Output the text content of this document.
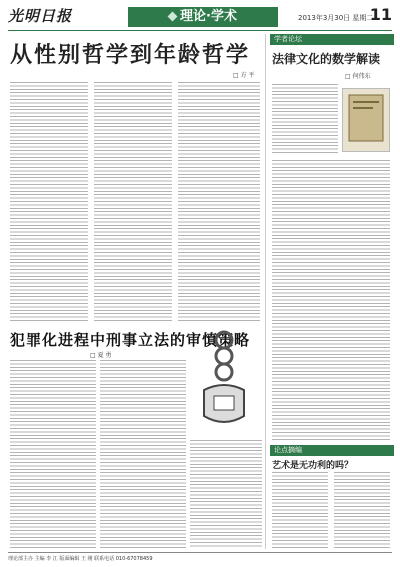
光明日报	理论·学术	2013年3月30日 星期二
11
从性别哲学到年龄哲学
□ 方 平
犯罪化进程中刑事立法的审慎策略
□ 夏 勇
学者论坛
法律文化的数学解读
□ 何伟东
论点摘编
艺术是无功利的吗？
理论部主办 主编 李 江 版面编辑 王 刚 联系电话 010-67078459
